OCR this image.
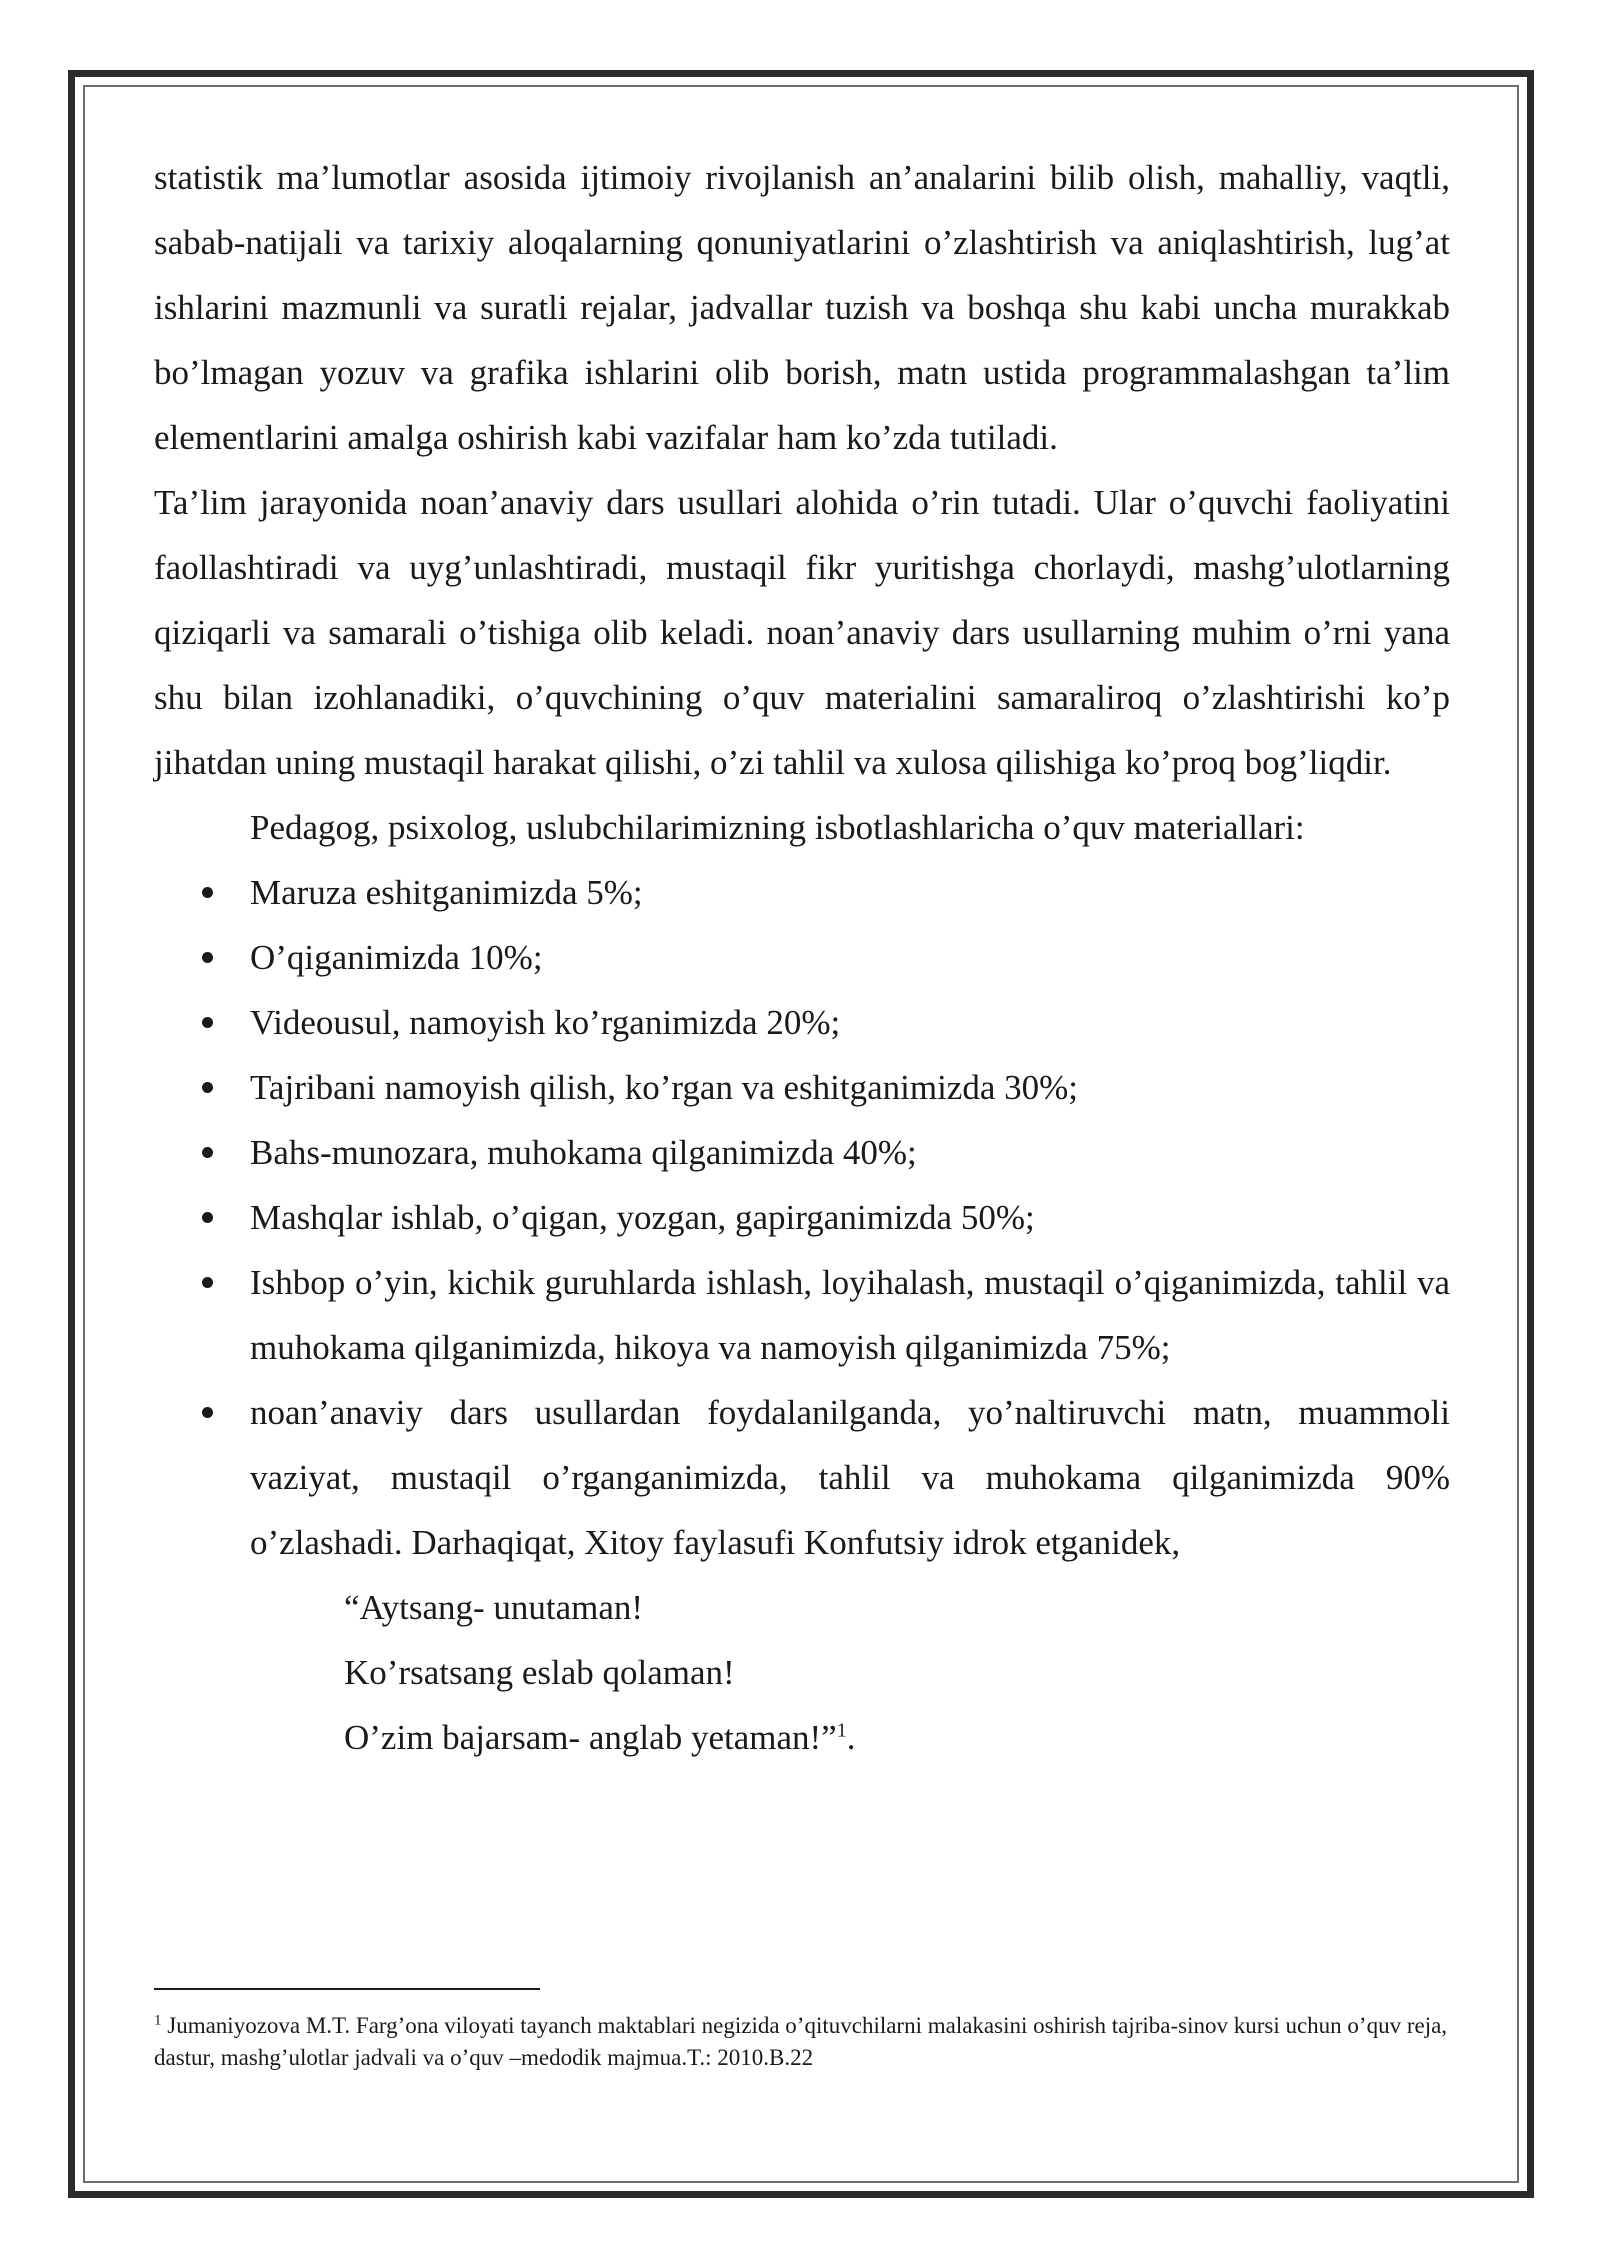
statistik ma’lumotlar asosida ijtimoiy rivojlanish an’analarini bilib olish, mahalliy, vaqtli, sabab-natijali va tarixiy aloqalarning qonuniyatlarini o’zlashtirish va aniqlashtirish, lug’at ishlarini mazmunli va suratli rejalar, jadvallar tuzish va boshqa shu kabi uncha murakkab bo’lmagan yozuv va grafika ishlarini olib borish, matn ustida programmalashgan ta’lim elementlarini amalga oshirish kabi vazifalar ham ko’zda tutiladi.

Ta’lim jarayonida noan’anaviy dars usullari alohida o’rin tutadi. Ular o’quvchi faoliyatini faollashtiradi va uyg’unlashtiradi, mustaqil fikr yuritishga chorlaydi, mashg’ulotlarning qiziqarli va samarali o’tishiga olib keladi. noan’anaviy dars usullarning muhim o’rni yana shu bilan izohlanadiki, o’quvchining o’quv materialini samaraliroq o’zlashtirishi ko’p jihatdan uning mustaqil harakat qilishi, o’zi tahlil va xulosa qilishiga ko’proq bog’liqdir.

Pedagog, psixolog, uslubchilarimizning isbotlashlaricha o’quv materiallari:

Maruza eshitganimizda 5%;
O’qiganimizda 10%;
Videousul, namoyish ko’rganimizda 20%;
Tajribani namoyish qilish, ko’rgan va eshitganimizda 30%;
Bahs-munozara, muhokama qilganimizda 40%;
Mashqlar ishlab, o’qigan, yozgan, gapirganimizda 50%;
Ishbop o’yin, kichik guruhlarda ishlash, loyihalash, mustaqil o’qiganimizda, tahlil va muhokama qilganimizda, hikoya va namoyish qilganimizda 75%;
noan’anaviy dars usullardan foydalanilganda, yo’naltiruvchi matn, muammoli vaziyat, mustaqil o’rganganimizda, tahlil va muhokama qilganimizda 90% o’zlashadi. Darhaqiqat, Xitoy faylasufi Konfutsiy idrok etganidek,
“Aytsang- unutaman!
Ko’rsatsang eslab qolaman!
O’zim bajarsam- anglab yetaman!”$^1$.
$^1$ Jumaniyozova M.T. Farg’ona viloyati tayanch maktablari negizida o’qituvchilarni malakasini oshirish tajriba-sinov kursi uchun o’quv reja, dastur, mashg’ulotlar jadvali va o’quv –medodik majmua.T.: 2010.B.22
